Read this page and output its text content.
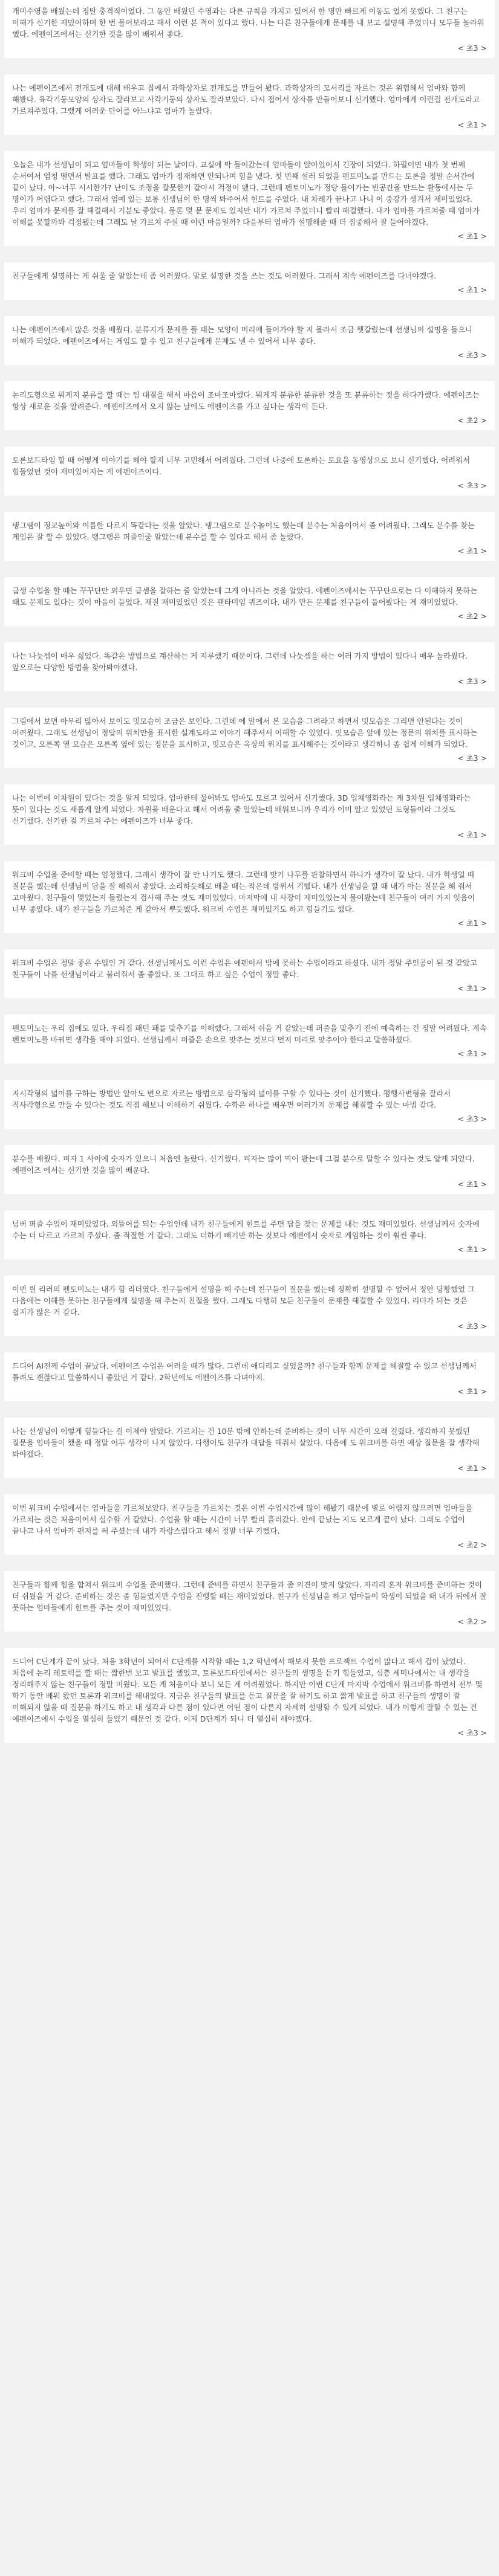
개미수영을 배웠는데 정말 충격적이었다. 그 동안 배웠던 수영과는 다른 규칙을 가지고 있어서 한 명만 빠르게 이동도 었게 못했다. 그 친구는 이해가 신기한 재밌어하며 한 번 물어보라고 해서 이런 본 적이 있다고 했다. 나는 다른 친구들에게 문제를 내 보고 설명해 주었더니 모두들 놀라워 했다. 에펜이즈에서는 신기한 것을 많이 배워서 좋다.

< 초3 >

나는 에펜이즈에서 전개도에 대해 배우고 집에서 과학상자로 전개도를 만들어 봤다. 과학상자의 모서리를 자르는 것은 위험해서 엄마와 함께 해봤다. 육각기둥모양의 상자도 잘라보고 사각기둥의 상자도 잘라보았다. 다시 접어서 상자를 만들어보니 신기했다. 엄마에게 이런걸 전개도라고 가르쳐주었다. 그랬게 어려운 단어를 아느냐고 엄마가 놀랐다.

< 초1 >

오늘은 내가 선생님이 되고 엄마들이 학생이 되는 날이다. 교실에 막 들어갔는데 엄마들이 앉아있어서 긴장이 되었다. 하필이면 내가 첫 번째 순서여서 엄청 떨면서 발표를 했다. 그래도 엄마가 정재하면 안되나며 힘을 냈다. 첫 번째 설러 되었을 펜토미노를 만드는 토론을 정말 순서간에 끝이 났다. 아~너무 시시한가? 난이도 조정을 잘못한거 같아서 걱정이 됐다. 그런데 펜토미노가 정당 들어가는 빈공간을 만드는 활동에서는 두 명이가 어렵다고 했다. 그래서 엄예 있는 보통 선생님이 한 명씩 봐주어서 힌트를 주었다. 내 차례가 끝나고 나니 이 중강가 생겨서 재미있었다. 우리 엄마가 문제를 잘 해결해서 기분도 좋았다. 물론 몇 문 문제도 있지만 내가 가르쳐 주었더니 빨리 해결했다. 내가 엄마를 가르쳐줄 때 엄마가 이해를 못할까봐 걱정됐는데 그래도 날 가르쳐 주실 때 이런 마음일까? 다음부터 엄마가 설명해줄 때 더 집중해서 잘 들어야겠다.

< 초1 >

친구들에게 설명하는 게 쉬울 줄 알았는데 좀 어려웠다. 말로 설명한 것을 쓰는 것도 어려웠다. 그래서 계속 에펜이즈를 다녀야겠다.

< 초1 >

나는 에펜이즈에서 많은 것을 배웠다. 분류지가 문제를 풀 때는 모양이 머리에 들어가야 할 지 몰라서 조금 헷갈렸는데 선생님의 설명을 들으니 이해가 되었다. 에펜이즈에서는 게임도 할 수 있고 친구들에게 문제도 낼 수 있어서 너무 좋다.

< 초3 >

논리도형으로 뭐게지 분류를 할 때는 팀 대결을 해서 마음이 조마조마했다. 뭐게지 분류한 분류한 것을 또 분류하는 것을 하다가했다. 에펜이즈는 항상 새로운 것을 알려준다. 에펜이즈에서 오지 않는 날에도 에펜이즈를 가고 싶다는 생각이 든다.

< 초2 >

토론보드타임 할 때 어떻게 이야기를 해야 할지 너무 고민해서 어려웠다. 그런데 나중에 토론하는 토요을 동영상으로 보니 신기했다. 어려워서 힘들었던 것이 재미있어지는 게 에펜이즈이다.

< 초3 >

탱그램이 정교높이와 이름한 다르지 똑같다는 것을 알았다. 탱그램으로 분수놀이도 했는데 분수는 처음이어서 좀 어려웠다. 그래도 분수를 찾는 게임은 잘 할 수 있었다. 탱그램은 퍼즐인줄 알았는데 분수를 할 수 있다고 해서 좀 놀랐다.

< 초1 >

급생 수업을 할 때는 꾸꾸단만 외우면 급셈을 잘하는 줄 알았는데 그게 아니라는 것을 알았다. 에펜이즈에서는 꾸꾸단으로는 다 이해하지 못하는 때도 문제도 있다는 것이 마음이 들었다. 재질 재미있었던 것은 팬타미임 퀴즈이다. 내가 만든 문제를 친구들이 풀어봤다는 게 재미있었다.

< 초2 >

나는 나눗셈이 매우 싫었다. 똑같은 방법으로 계산하는 게 지루했기 때문이다. 그런데 나눗셈을 하는 여러 가지 방법이 있다니 매우 놀라웠다. 앞으로는 다양한 방법을 찾아봐야겠다.

< 초3 >

그림에서 보면 아무리 많아서 보이도 밋모습이 조금은 보인다. 그런데 에 알에서 본 모습을 그려라고 하면서 밋모습은 그리면 안된다는 것이 어려웠다. 그래도 선생님이 정답의 위치만을 표시한 설계도라고 이야기 해주셔서 이해할 수 있었다. 밋모습은 앞에 있는 정문의 위치를 표시하는 것이고, 오른쪽 열 모습은 오른쪽 옆에 있는 정문을 표시하고, 밋모습은 옥상의 위치를 표시해주는 것이라고 생각하니 좀 쉽게 이해가 되었다.

< 초3 >

나는 이번에 이차원이 있다는 것을 알게 되었다. 엄마한테 물어봐도 엄마도 모르고 있어서 신기했다. 3D 입체영화라는 게 3차원 입체영화라는 뜻이 있다는 것도 새롭게 알게 되었다. 차원을 배운다고 해서 어려울 줄 알았는데 배워보니까 우리가 이미 알고 있었던 도형들이라 그것도 신기했다. 신기한 걸 가르쳐 주는 에펜이즈가 너무 좋다.

< 초1 >

워크비 수업을 준비할 때는 엄청했다. 그래서 생각이 잘 안 나기도 했다. 그런데 맞기 나무를 관찰하면서 하나가 생각이 잘 났다. 내가 학생일 때 질문을 했는데 선생님이 답을 잘 해줘서 좋았다. 소리하듯해로 배울 때는 작은데 방위서 기뻤다. 내가 선생님을 할 때 내가 아는 질문을 해 줘서 고마웠다. 친구들이 몇었는지 들렸는지 검사해 주는 것도 재미있었다. 마지막에 내 사장이 재미있었는지 물어봤는데 친구들이 여러 가지 잊음이 너무 좋았다. 내가 친구들을 가르쳐준 게 같아서 뿌듯했다. 워크비 수업은 재미있기도 하고 힘들기도 했다.

< 초1 >

워크비 수업은 정말 좋은 수업인 거 같다. 선생님께서도 이런 수업은 에펜이서 밖에 못하는 수업이라고 하셨다. 내가 정말 주인공이 된 것 같았고 친구들이 나를 선생님이라고 불러줘서 좀 좋았다. 또 그대로 하고 싶은 수업이 정말 좋다.

< 초1 >

펜토미노는 우리 집에도 있다. 우리집 패턴 패를 맞추기를 이해했다. 그래서 쉬울 거 같았는데 퍼즐을 맞추기 전에 예측하는 건 정말 어려웠다. 계속 펜토미노를 바꿔면 생각을 해야 되었다. 선생님께서 퍼즐은 손으로 맞추는 것보다 먼저 머리로 맞추어야 한다고 말씀하셨다.

< 초1 >

지시각형의 넓이를 구하는 방법만 알아도 변으로 자르는 방법으로 삼각형의 넓이를 구할 수 있다는 것이 신기했다. 평행사변형을 잘라서 직사각형으로 만들 수 있다는 것도 직접 해보니 이해하기 쉬웠다. 수학은 하나를 배우면 여러가지 문제를 해결할 수 있는 마법 같다.

< 초3 >

분수를 배웠다. 피자 1 사이에 숫자가 있으니 처음엔 놀랐다. 신기했다. 피자는 많이 먹어 봤는데 그걸 분수로 말할 수 있다는 것도 알게 되었다. 에펜이즈 에서는 신기한 것을 많이 배운다.

< 초1 >

넘버 퍼즐 수업이 재미있었다. 외뜰어를 되는 수업인데 내가 친구들에게 힌트를 주면 답을 찾는 문제를 내는 것도 재미있었다. 선생님께서 숫자에 수는 더 다르고 가르쳐 주셨다. 좀 적절한 거 같다. 그래도 더하기 빼기만 하는 것보다 에펜에서 숫자로 게임하는 것이 훨씬 좋다.

< 초1 >

이번 릴 리러의 펜토미노는 내가 힘 리더였다. 친구들에게 설명을 해 주는데 친구들이 질문을 했는데 정확히 설명할 수 없어서 정안 당황했었 그 다음에는 이해를 못하는 친구들에게 설명을 해 주는지 친절을 했다. 그래도 다행히 모든 친구들이 문제를 해결할 수 있었다. 리더가 되는 것은 쉽지가 않은 거 같다.

< 초3 >

드디어 AI전께 수업이 끝났다. 에펜이즈 수업은 어려울 때가 많다. 그런데 애디리고 싶었을까? 친구들과 함께 문제를 해결할 수 있고 선생님께서 틀려도 괜찮다고 말씀하시니 좋았던 거 같다. 2학년에도 에펜이즈를 다녀야지.

< 초1 >

나는 선생님이 이렇게 힘들다는 걸 이제야 알았다. 가르치는 건 10분 밖에 안하는데 준비하는 것이 너무 시간이 오래 걸렸다. 생각하지 못했던 질문을 엄마들이 했을 때 정말 어두 생각이 나지 않았다. 다행이도 친구가 대답을 해줘서 살았다. 다음에 도 워크비를 하면 예상 질문을 잘 생각해 봐야겠다.

< 초1 >

이번 워크비 수업에서는 엄마들을 가르쳐보았다. 친구들을 가르치는 것은 이번 수업시간에 많이 해봤기 때문에 별로 어렵지 않으려면 엄마들을 가르치는 것은 처음이어서 실수할 거 같았다. 수업을 할 때는 시간이 너무 빨리 흘러갔다. 안에 끝났는 지도 모르게 끝이 났다. 그래도 수업이 끝나고 나서 엄마가 편지를 써 주셨는데 내가 자랑스럽다고 해서 정말 너무 기뻤다.

< 초2 >

친구들과 함께 힘을 합쳐서 워크비 수업을 준비했다. 그런데 준비를 하면서 친구들과 좀 의견이 맞지 않았다. 자리리 혼자 워크비를 준비하는 것이 더 쉬웠을 거 같다. 준비하는 것은 좀 힘들었지만 수업을 진행할 때는 재미있었다. 친구가 선생님을 하고 엄마들이 학생이 되었을 때 내가 뒤에서 잘 못하는 엄마들에게 힌트를 주는 것이 재미있었다.

< 초2 >

드디어 C단계가 끝이 났다. 처음 3학년이 되어서 C단계를 시작할 때는 1,2 학년에서 해보지 못한 프로젝트 수업이 많다고 해서 겁이 났었다. 처음에 논리 레토릭를 할 때는 짧한번 보고 발표를 했었고, 토론보드타임에서는 친구들의 생명을 듣기 힘들었고, 심층 세미나에서는 내 생각을 정리해주지 않는 친구들이 정말 미웠다. 모든 게 처음이다 보니 모든 게 어려웠었다. 하지만 이번 C단계 마지막 수업에서 워크비를 하면서 전부 몇 학기 동안 배워 왔던 토론과 워크비를 해내었다. 지금은 친구들의 발표를 듣고 질문을 잘 하기도 하고 짧게 발표를 하고 친구들의 생명이 잘 이해되지 않을 때 질문을 하기도 하고 내 생각과 다른 점이 있다면 어떤 점이 다른지 자세히 설명할 수 있게 되었다. 내가 이렇게 잘할 수 있는 건 에펜이즈에서 수업을 열심히 들었기 때문인 것 같다. 이제 D단계가 되니 더 열심히 해야겠다.

< 초3 >
